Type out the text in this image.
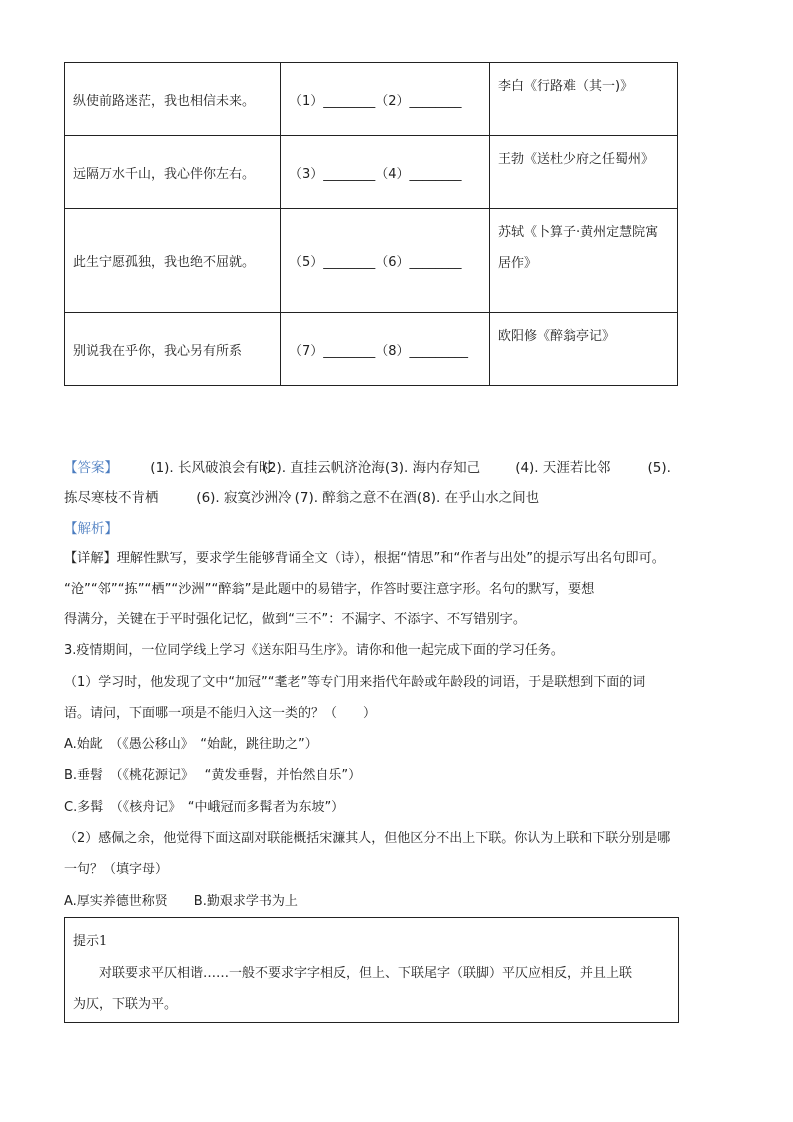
纵使前路迷茫，我也相信未来。	（1）________（2）________	李白《行路难（其一)》
远隔万水千山，我心伴你左右。	（3）________（4）________	王勃《送杜少府之任蜀州》
此生宁愿孤独，我也绝不屈就。	（5）________（6）________	苏轼《卜算子·黄州定慧院寓居作》
别说我在乎你，我心另有所系	（7）________（8）_________	欧阳修《醉翁亭记》
【答案】 (1). 长风破浪会有时 (2). 直挂云帆济沧海 (3). 海内存知己	(4). 天涯若比邻	(5).
拣尽寒枝不肯栖	(6). 寂寞沙洲冷 (7). 醉翁之意不在酒 (8). 在乎山水之间也
【解析】
【详解】理解性默写，要求学生能够背诵全文（诗），根据“情思”和“作者与出处”的提示写出名句即可。
“沧”“邻”“拣”“栖”“沙洲”“醉翁”是此题中的易错字，作答时要注意字形。名句的默写，要想
得满分，关键在于平时强化记忆，做到“三不”：不漏字、不添字、不写错别字。
3.疫情期间，一位同学线上学习《送东阳马生序》。请你和他一起完成下面的学习任务。
（1）学习时，他发现了文中“加冠”“耄老”等专门用来指代年龄或年龄段的词语，于是联想到下面的词
语。请问，下面哪一项是不能归入这一类的？（　　）
A.始龀　（《愚公移山》　“始龀，跳往助之”）
B.垂髫　（《桃花源记》　 “黄发垂髫，并怡然自乐”）
C.多髯　（《核舟记》　“中峨冠而多髯者为东坡”）
（2）感佩之余，他觉得下面这副对联能概括宋濂其人，但他区分不出上下联。你认为上联和下联分别是哪
一句？（填字母）
A.厚实养德世称贤　　B.勤艰求学书为上
提示1
　　对联要求平仄相谐……一般不要求字字相反，但上、下联尾字（联脚）平仄应相反，并且上联
为仄，下联为平。
